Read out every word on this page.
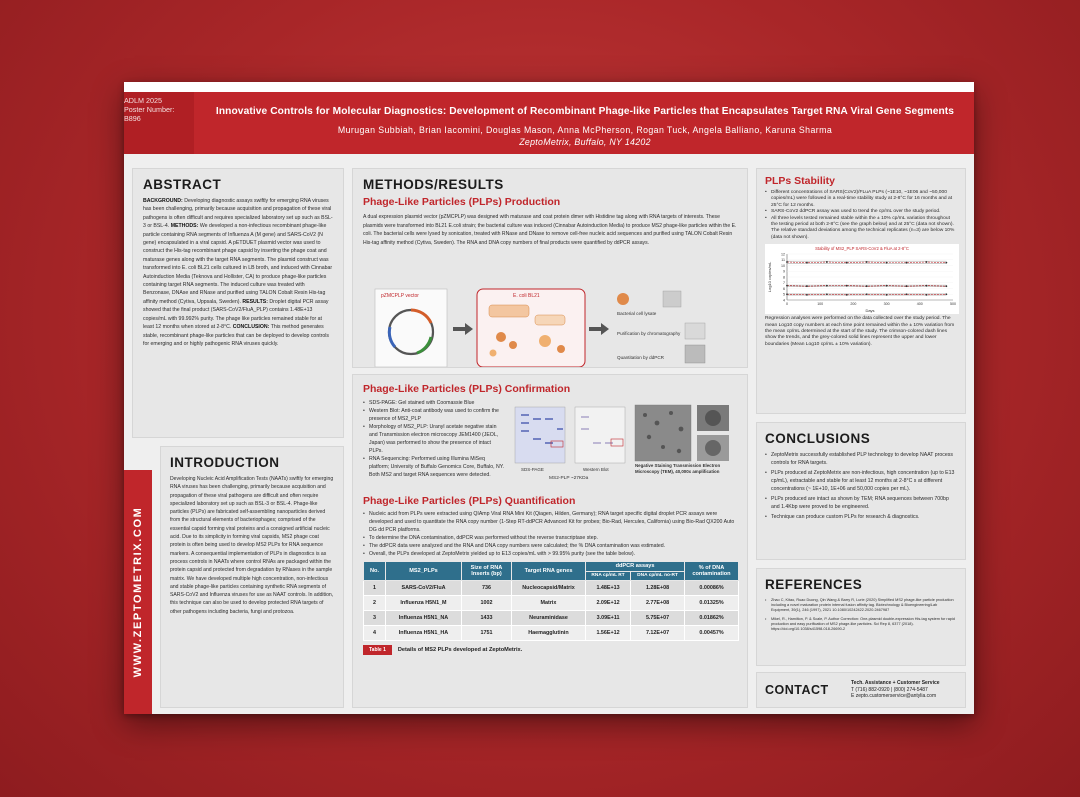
ADLM 2025
Poster Number:
B896
Innovative Controls for Molecular Diagnostics: Development of Recombinant Phage-like Particles that Encapsulates Target RNA Viral Gene Segments
Murugan Subbiah, Brian Iacomini, Douglas Mason, Anna McPherson, Rogan Tuck, Angela Balliano, Karuna Sharma
ZeptoMetrix, Buffalo, NY 14202
ABSTRACT

BACKGROUND: Developing diagnostic assays swiftly for emerging RNA viruses has been challenging, primarily because acquisition and propagation of these viral pathogens is often difficult and requires specialized laboratory set up such as BSL-3 or BSL-4. METHODS: We developed a non-infectious recombinant phage-like particle containing RNA segments of Influenza A (M gene) and SARS-CoV2 (N gene) encapsulated in a viral capsid. A pETDUET plasmid vector was used to construct the His-tag recombinant phage capsid by inserting the phage coat and maturase genes along with the target RNA segments. The plasmid construct was transformed into E. coli BL21 cells cultured in LB broth, and induced with Cinnabar Autoinduction Media (Teknova and Hollister, CA) to produce phage-like particles containing target RNA segments. The induced culture was treated with Benzonase, DNAse and RNase and purified using TALON Cobalt Resin His-tag affinity method (Cytiva, Uppsala, Sweden). RESULTS: Droplet digital PCR assay showed that the final product (SARS-CoV2/FluA_PLP) contains 1.48E+13 copies/mL with 99.992% purity. The phage like particles remained stable for at least 12 months when stored at 2-8°C. CONCLUSION: This method generates stable, recombinant phage-like particles that can be deployed to develop controls for emerging and or highly pathogenic RNA viruses quickly.

WWW.ZEPTOMETRIX.COM
INTRODUCTION

Developing Nucleic Acid Amplification Tests (NAATs) swiftly for emerging RNA viruses has been challenging, primarily because acquisition and propagation of these viral pathogens are difficult and often require specialized laboratory set up such as BSL-3 or BSL-4. Phage-like particles (PLPs) are fabricated self-assembling nanoparticles derived from the structural elements of bacteriophages; comprised of the essential capsid forming viral proteins and a consigned artificial nucleic acid. Due to its simplicity in forming viral capsids, MS2 phage coat protein is often being used to develop MS2 PLPs for RNA sequence markers. A consequential implementation of PLPs in diagnostics is as process controls in NAATs where control RNAs are packaged within the protein capsid and protected from degradation by RNases in the sample matrix. We have developed multiple high concentration, non-infectious and stable phage-like particles containing synthetic RNA segments of SARS-CoV2 and Influenza viruses for use as NAAT controls. In addition, this technique can also be used to develop protected RNA targets of other pathogens including bacteria, fungi and protozoa.

METHODS/RESULTS
Phage-Like Particles (PLPs) Production

A dual expression plasmid vector (pZMCPLP) was designed with maturase and coat protein dimer with Histidine tag along with RNA targets of interests. These plasmids were transformed into BL21 E.coli strain; the bacterial culture was induced (Cinnabar Autoinduction Media) to produce MS2 phage-like particles within the E. coli. The bacterial cells were lysed by sonication, treated with RNase and DNase to remove cell-free nucleic acid sequences and purified using TALON Cobalt Resin His-tag affinity method (Cytiva, Sweden). The RNA and DNA copy numbers of final products were quantified by ddPCR assays.

pZMCPLP vector	E. coli BL21
Bacterial cell lysate
Purification by chromatography
Quantitation by ddPCR
Phage-Like Particles (PLPs) Confirmation
• SDS-PAGE: Gel stained with Coomassie Blue
• Western Blot: Anti-coat antibody was used to confirm the presence of MS2_PLP
• Morphology of MS2_PLP: Uranyl acetate negative stain and Transmission electron microscopy JEM1400 (JEOL, Japan) was performed to show the presence of intact PLPs.
• RNA Sequencing: Performed using Illumina MiSeq platform; University of Buffalo Genomics Core, Buffalo, NY. Both MS2 and target RNA sequences were detected.
SDS-PAGE	Western Blot
MS2-PLP ~27KDa
Negative Staining Transmission Electron Microscopy (TEM), 40,000x amplification
Phage-Like Particles (PLPs) Quantification
• Nucleic acid from PLPs were extracted using QIAmp Viral RNA Mini Kit (Qiagen, Hilden, Germany); RNA target specific digital droplet PCR assays were developed and used to quantitate the RNA copy number (1-Step RT-ddPCR Advanced Kit for probes; Bio-Rad, Hercules, California) using Bio-Rad QX200 Auto DG dd PCR platforms.
• To determine the DNA contamination, ddPCR was performed without the reverse transcriptase step.
• The ddPCR data were analyzed and the RNA and DNA copy numbers were calculated; the % DNA contamination was estimated.
• Overall, the PLPs developed at ZeptoMetrix yielded up to E13 copies/mL with > 99.95% purity (see the table below).
No.	MS2_PLPs	Size of RNA Inserts (bp)	Target RNA genes	ddPCR assays		% of DNA contamination
				RNA cp/mL RT	DNA cp/mL no-RT	
1	SARS-CoV2/FluA	736	Nucleocapsid/Matrix	1.48E+13	1.28E+08	0.00086%
2	Influenza H5N1_M	1002	Matrix	2.09E+12	2.77E+08	0.01325%
3	Influenza H5N1_NA	1433	Neuraminidase	3.09E+11	5.75E+07	0.01862%
4	Influenza H5N1_HA	1751	Haemagglutinin	1.56E+12	7.12E+07	0.00457%
Table 1	Details of MS2 PLPs developed at ZeptoMetrix.
PLPs Stability
• Different concentrations of SARS(CoV2)/FLuA PLPs (~1E10, ~1E06 and ~50,000 copies/mL) were followed in a real-time stability study at 2-8°C for 16 months and at 25°C for 12 months.
• SARS-CoV2 ddPCR assay was used to trend the cp/mL over the study period.
• All three levels tested remained stable within the ± 10% cp/mL variation throughout the testing period at both 2-8°C (see the graph below) and at 25°C (data not shown). The relative standard deviations among the technical replicates (n=3) are below 10% (data not shown).
Stability of MS2_PLP SARS-CoV2 & FluA at 2-8°C
4
5
6
7
8
9
10
11
12
0	100	200	300	400	500
Days
Log10 copies/mL

Regression analyses were performed on the data collected over the study period. The mean Log10 copy numbers at each time point remained within the ± 10% variation from the mean cp/mL determined at the start of the study. The crimson-colored dash lines show the trends, and the grey-colored solid lines represent the upper and lower boundaries (Mean Log10 cp/mL ± 10% variation).

CONCLUSIONS
• ZeptoMetrix successfully established PLP technology to develop NAAT process controls for RNA targets.
• PLPs produced at ZeptoMetrix are non-infectious, high concentration (up to E13 cp/mL), extractable and stable for at least 12 months at 2-8°C s at different concentrations (~ 1E+10, 1E+06 and 50,000 copies per mL).
• PLPs produced are intact as shown by TEM; RNA sequences between 700bp and 1.4Kbp were proved to be engineered.
• Technique can produce custom PLPs for research & diagnostics.
REFERENCES
• Zhao C, Kitao, Ruao Duong, Qin Wang & Barry R, Lurie (2020) Simplified MS2 phage-like particle production including a novel maturation protein internal fusion affinity tag. Biotechnology & Bioengineering/Lab Equipment, 39(1), 246 (1997), 2021 10.1080/10242422.2020.2467987
• Mikel, R., Hamilton, P. & Scale, P. Author Correction: One-plasmid double-expression His-tag system for rapid production and easy purification of MS2 phage-like particles. Sci Rep 8, 6377 (2018). https://doi.org/10.1038/s41598-018-26690-2
CONTACT	Tech. Assistance + Customer Service
T (716) 882-0920 | (800) 274-5487
E zepto.customerservice@antylia.com
